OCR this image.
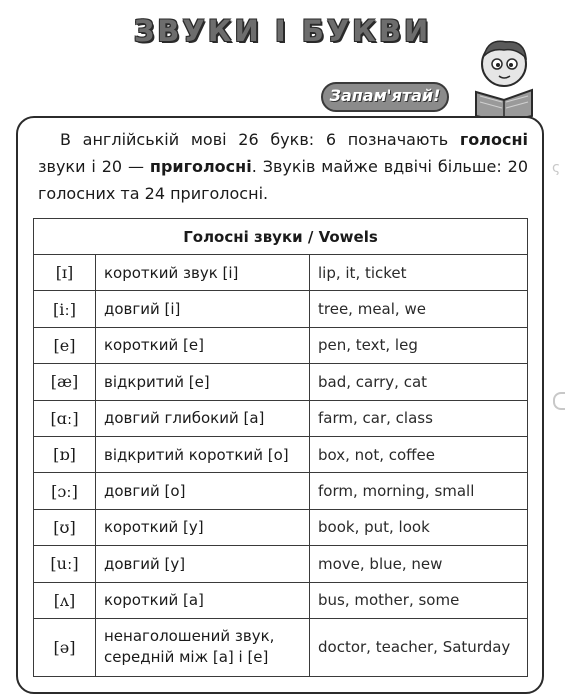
ЗВУКИ І БУКВИ
Запам'ятай!
ς
В англійській мові 26 букв: 6 позначають голосні звуки і 20 — приголосні. Звуків майже вдвічі більше: 20 голосних та 24 приголосні.
Голосні звуки / Vowels		
[ɪ]	короткий звук [і]	lip, it, ticket
[iː]	довгий [і]	tree, meal, we
[e]	короткий [е]	pen, text, leg
[æ]	відкритий [е]	bad, carry, cat
[ɑː]	довгий глибокий [а]	farm, car, class
[ɒ]	відкритий короткий [о]	box, not, coffee
[ɔː]	довгий [о]	form, morning, small
[ʊ]	короткий [у]	book, put, look
[uː]	довгий [у]	move, blue, new
[ʌ]	короткий [а]	bus, mother, some
[ə]	ненаголошений звук, середній між [а] і [е]	doctor, teacher, Saturday
